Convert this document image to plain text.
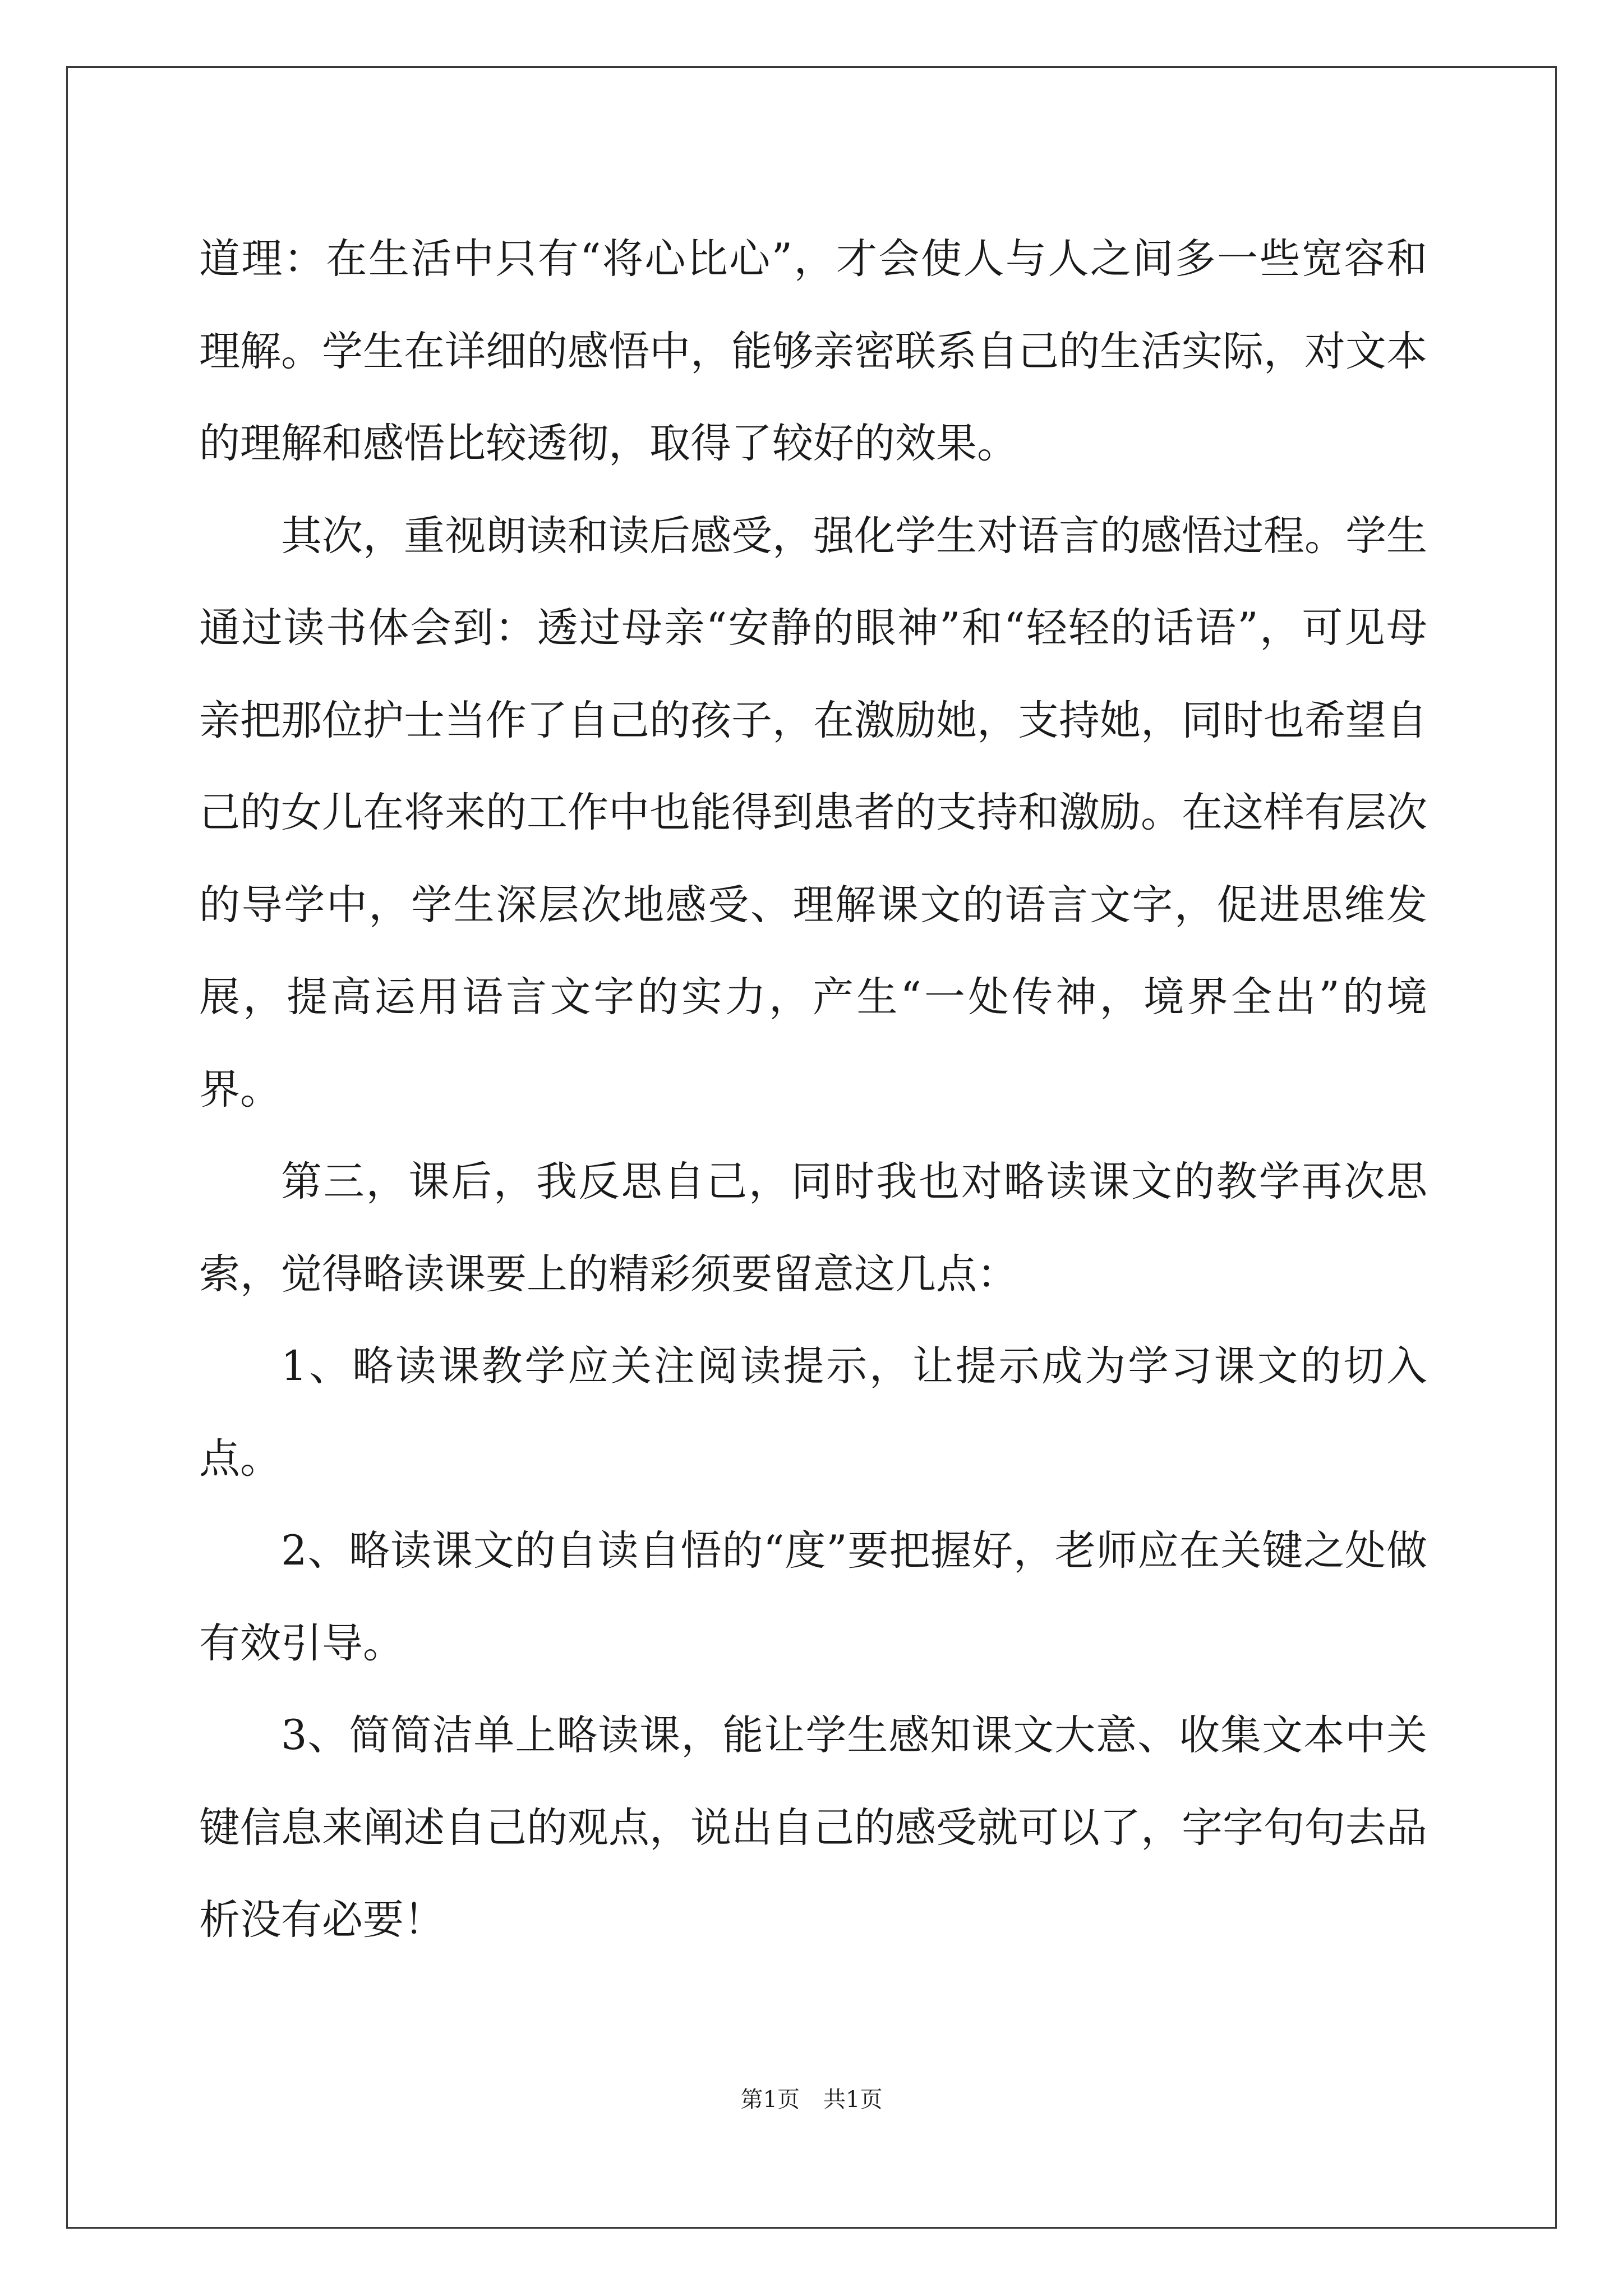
道理：在生活中只有“将心比心”，才会使人与人之间多一些宽容和理解。学生在详细的感悟中，能够亲密联系自己的生活实际，对文本的理解和感悟比较透彻，取得了较好的效果。

其次，重视朗读和读后感受，强化学生对语言的感悟过程。学生通过读书体会到：透过母亲“安静的眼神”和“轻轻的话语”，可见母亲把那位护士当作了自己的孩子，在激励她，支持她，同时也希望自己的女儿在将来的工作中也能得到患者的支持和激励。在这样有层次的导学中，学生深层次地感受、理解课文的语言文字，促进思维发展，提高运用语言文字的实力，产生“一处传神，境界全出”的境界。

第三，课后，我反思自己，同时我也对略读课文的教学再次思索，觉得略读课要上的精彩须要留意这几点：

1、略读课教学应关注阅读提示，让提示成为学习课文的切入点。

2、略读课文的自读自悟的“度”要把握好，老师应在关键之处做有效引导。

3、简简洁单上略读课，能让学生感知课文大意、收集文本中关键信息来阐述自己的观点，说出自己的感受就可以了，字字句句去品析没有必要！

第1页 共1页
